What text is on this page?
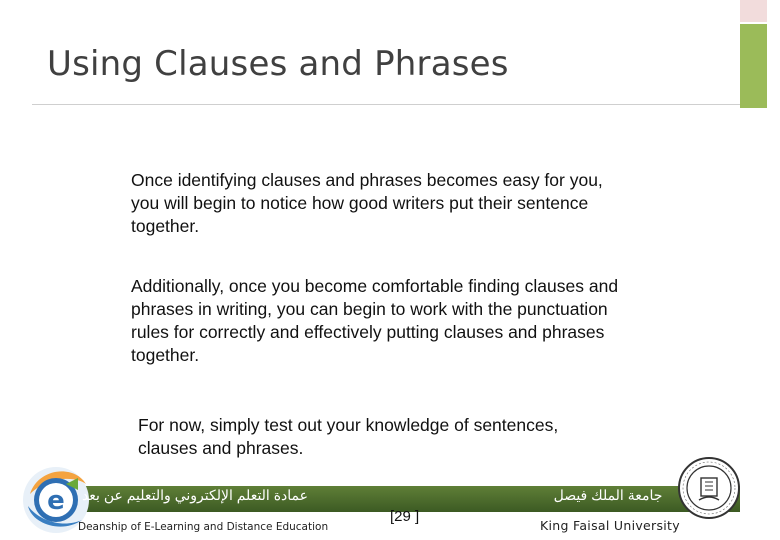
Using Clauses and Phrases
Once identifying clauses and phrases becomes easy for you,
you will begin to notice how good writers put their sentence
together.
Additionally, once you become comfortable finding clauses and
phrases in writing, you can begin to work with the punctuation
rules for correctly and effectively putting clauses and phrases
together.
For now, simply test out your knowledge of sentences,
clauses and phrases.
e عمادة التعلم الإلكتروني والتعليم عن بعد
Deanship of E-Learning and Distance Education
[29 ]
جامعة الملك فيصل
King Faisal University
